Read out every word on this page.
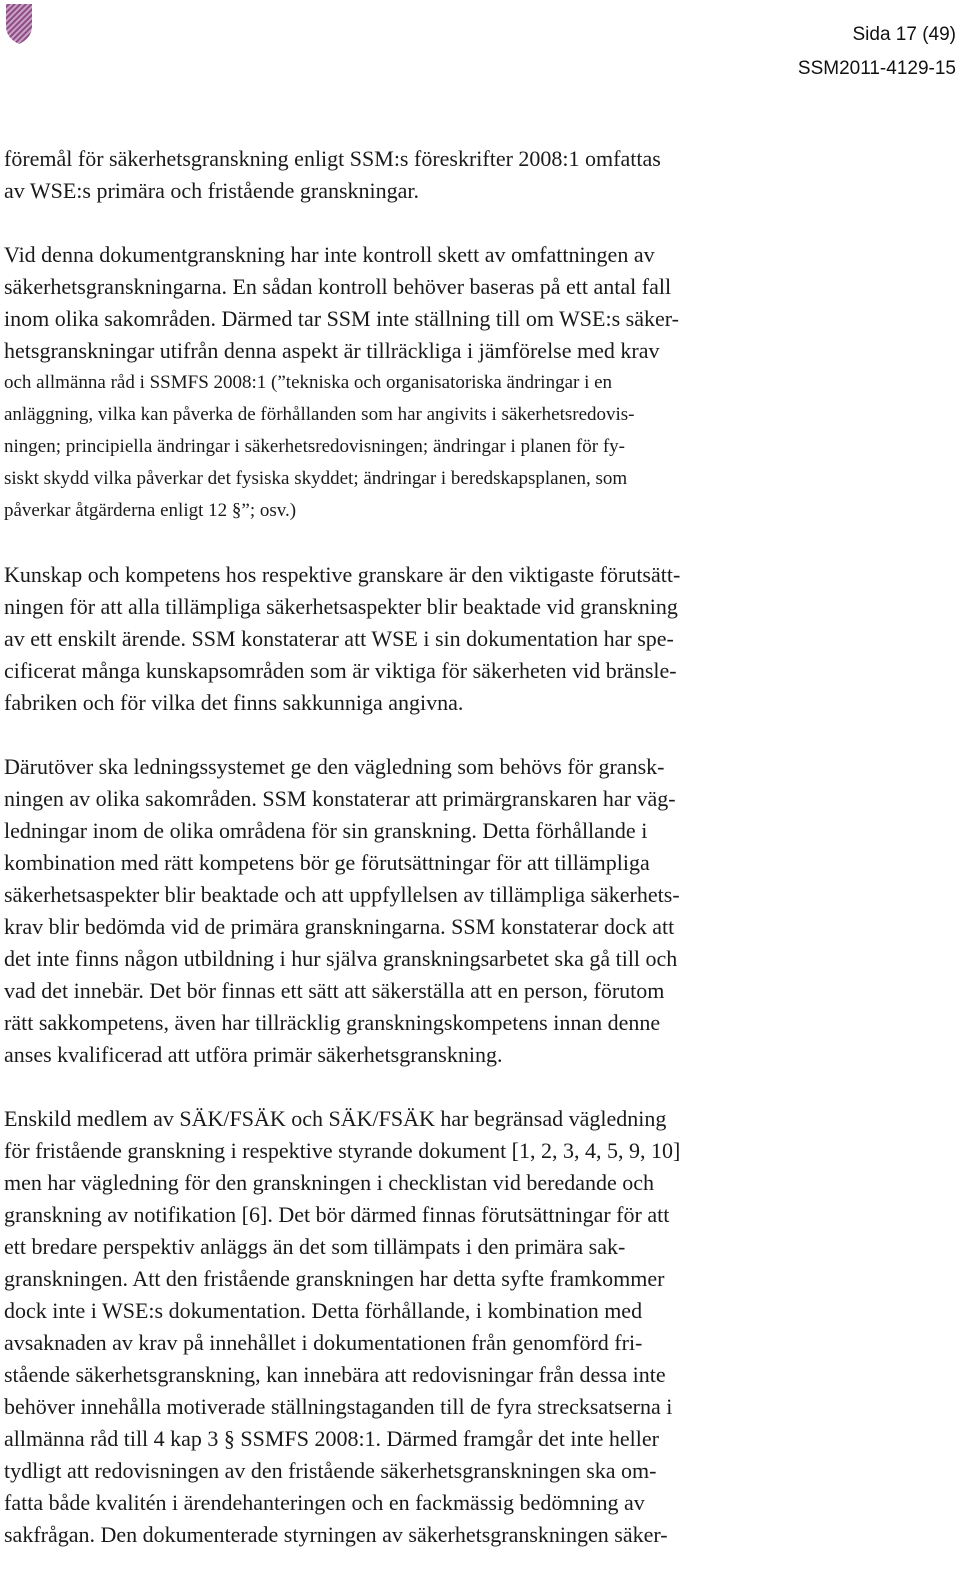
Sida 17 (49)
SSM2011-4129-15

föremål för säkerhetsgranskning enligt SSM:s föreskrifter 2008:1 omfattas
av WSE:s primära och fristående granskningar.

Vid denna dokumentgranskning har inte kontroll skett av omfattningen av
säkerhetsgranskningarna. En sådan kontroll behöver baseras på ett antal fall
inom olika sakområden. Därmed tar SSM inte ställning till om WSE:s säker-
hetsgranskningar utifrån denna aspekt är tillräckliga i jämförelse med krav
och allmänna råd i SSMFS 2008:1 (”tekniska och organisatoriska ändringar i en
anläggning, vilka kan påverka de förhållanden som har angivits i säkerhetsredovis-
ningen; principiella ändringar i säkerhetsredovisningen; ändringar i planen för fy-
siskt skydd vilka påverkar det fysiska skyddet; ändringar i beredskapsplanen, som
påverkar åtgärderna enligt 12 §”; osv.)

Kunskap och kompetens hos respektive granskare är den viktigaste förutsätt-
ningen för att alla tillämpliga säkerhetsaspekter blir beaktade vid granskning
av ett enskilt ärende. SSM konstaterar att WSE i sin dokumentation har spe-
cificerat många kunskapsområden som är viktiga för säkerheten vid bränsle-
fabriken och för vilka det finns sakkunniga angivna.

Därutöver ska ledningssystemet ge den vägledning som behövs för gransk-
ningen av olika sakområden. SSM konstaterar att primärgranskaren har väg-
ledningar inom de olika områdena för sin granskning. Detta förhållande i
kombination med rätt kompetens bör ge förutsättningar för att tillämpliga
säkerhetsaspekter blir beaktade och att uppfyllelsen av tillämpliga säkerhets-
krav blir bedömda vid de primära granskningarna. SSM konstaterar dock att
det inte finns någon utbildning i hur själva granskningsarbetet ska gå till och
vad det innebär. Det bör finnas ett sätt att säkerställa att en person, förutom
rätt sakkompetens, även har tillräcklig granskningskompetens innan denne
anses kvalificerad att utföra primär säkerhetsgranskning.

Enskild medlem av SÄK/FSÄK och SÄK/FSÄK har begränsad vägledning
för fristående granskning i respektive styrande dokument [1, 2, 3, 4, 5, 9, 10]
men har vägledning för den granskningen i checklistan vid beredande och
granskning av notifikation [6]. Det bör därmed finnas förutsättningar för att
ett bredare perspektiv anläggs än det som tillämpats i den primära sak-
granskningen. Att den fristående granskningen har detta syfte framkommer
dock inte i WSE:s dokumentation. Detta förhållande, i kombination med
avsaknaden av krav på innehållet i dokumentationen från genomförd fri-
stående säkerhetsgranskning, kan innebära att redovisningar från dessa inte
behöver innehålla motiverade ställningstaganden till de fyra strecksatserna i
allmänna råd till 4 kap 3 § SSMFS 2008:1. Därmed framgår det inte heller
tydligt att redovisningen av den fristående säkerhetsgranskningen ska om-
fatta både kvalitén i ärendehanteringen och en fackmässig bedömning av
sakfrågan. Den dokumenterade styrningen av säkerhetsgranskningen säker-
